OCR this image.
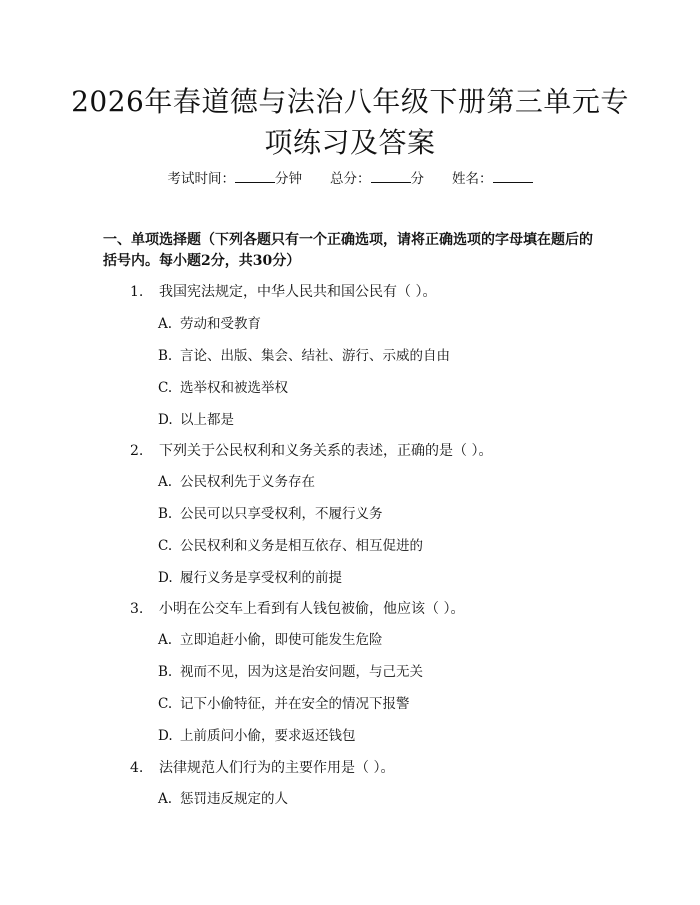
2026年春道德与法治八年级下册第三单元专
项练习及答案
考试时间：	分钟 总分：	分 姓名：
一、单项选择题（下列各题只有一个正确选项，请将正确选项的字母填在题后的括号内。每小题2分，共30分）
1. 我国宪法规定，中华人民共和国公民有（ ）。
A. 劳动和受教育
B. 言论、出版、集会、结社、游行、示威的自由
C. 选举权和被选举权
D. 以上都是
2. 下列关于公民权利和义务关系的表述，正确的是（ ）。
A. 公民权利先于义务存在
B. 公民可以只享受权利，不履行义务
C. 公民权利和义务是相互依存、相互促进的
D. 履行义务是享受权利的前提
3. 小明在公交车上看到有人钱包被偷，他应该（ ）。
A. 立即追赶小偷，即使可能发生危险
B. 视而不见，因为这是治安问题，与己无关
C. 记下小偷特征，并在安全的情况下报警
D. 上前质问小偷，要求返还钱包
4. 法律规范人们行为的主要作用是（ ）。
A. 惩罚违反规定的人
